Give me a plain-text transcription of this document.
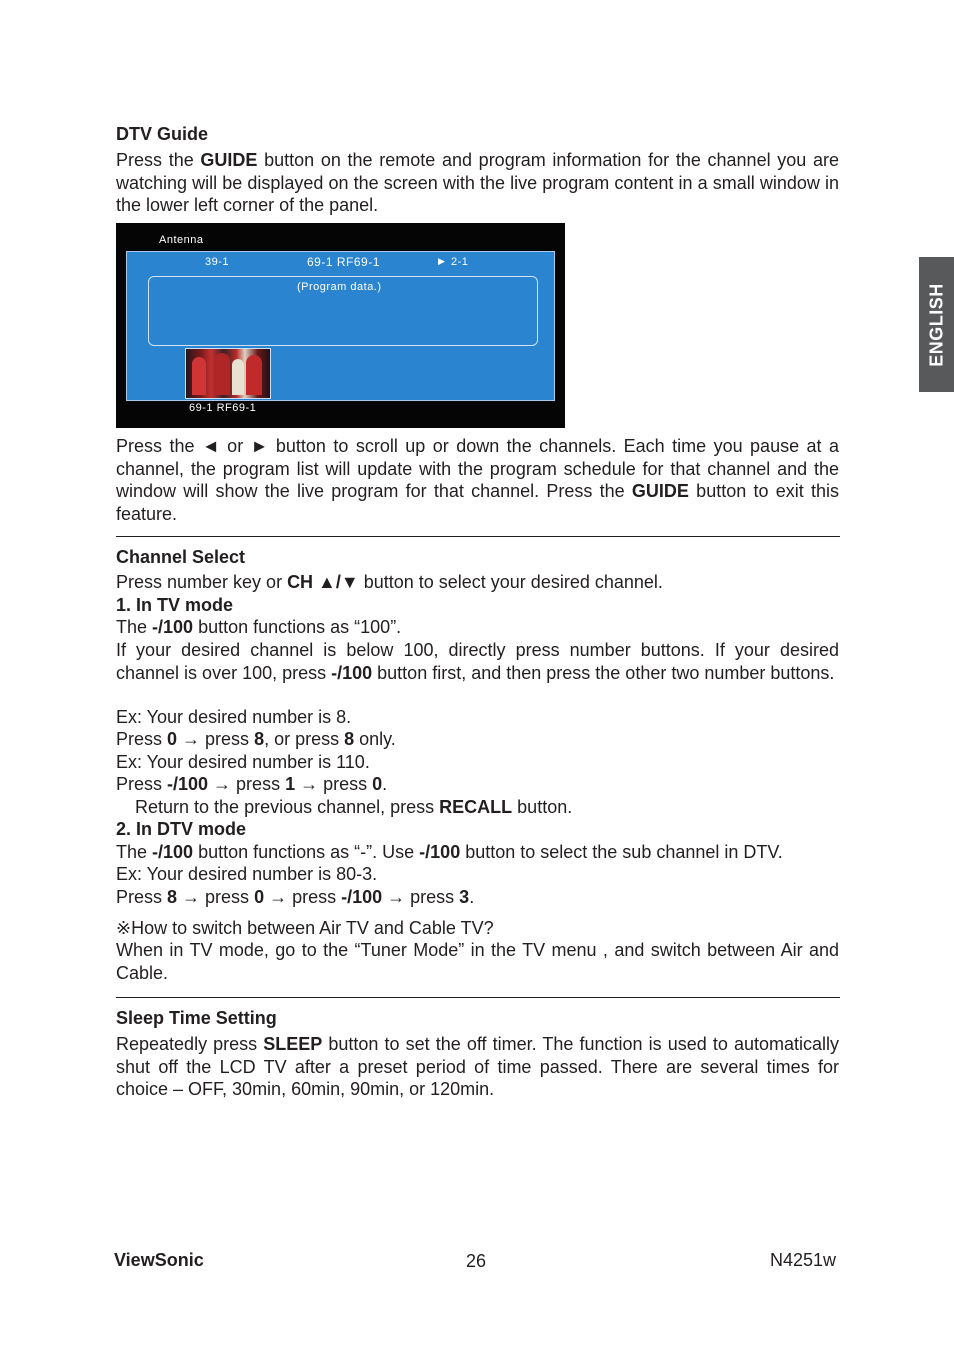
ENGLISH

DTV Guide

Press the GUIDE button on the remote and program information for the channel you are watching will be displayed on the screen with the live program content in a small window in the lower left corner of the panel.

Antenna
39-1	69-1 RF69-1	▶ 2-1
(Program data.)
69-1 RF69-1

Press the ◄ or ► button to scroll up or down the channels. Each time you pause at a channel, the program list will update with the program schedule for that channel and the window will show the live program for that channel. Press the GUIDE button to exit this feature.

Channel Select

Press number key or CH ▲/▼ button to select your desired channel.

1. In TV mode

The -/100 button functions as “100”.

If your desired channel is below 100, directly press number buttons. If your desired channel is over 100, press -/100 button first, and then press the other two number buttons.

Ex: Your desired number is 8.

Press 0 → press 8, or press 8 only.

Ex: Your desired number is 110.

Press -/100 → press 1 → press 0.

Return to the previous channel, press RECALL button.

2. In DTV mode

The -/100 button functions as “-”. Use -/100 button to select the sub channel in DTV.

Ex: Your desired number is 80-3.

Press 8 → press 0 → press -/100 → press 3.

※How to switch between Air TV and Cable TV?

When in TV mode, go to the “Tuner Mode” in the TV menu , and switch between Air and Cable.

Sleep Time Setting

Repeatedly press SLEEP button to set the off timer. The function is used to automatically shut off the LCD TV after a preset period of time passed. There are several times for choice – OFF, 30min, 60min, 90min, or 120min.

ViewSonic	26	N4251w
